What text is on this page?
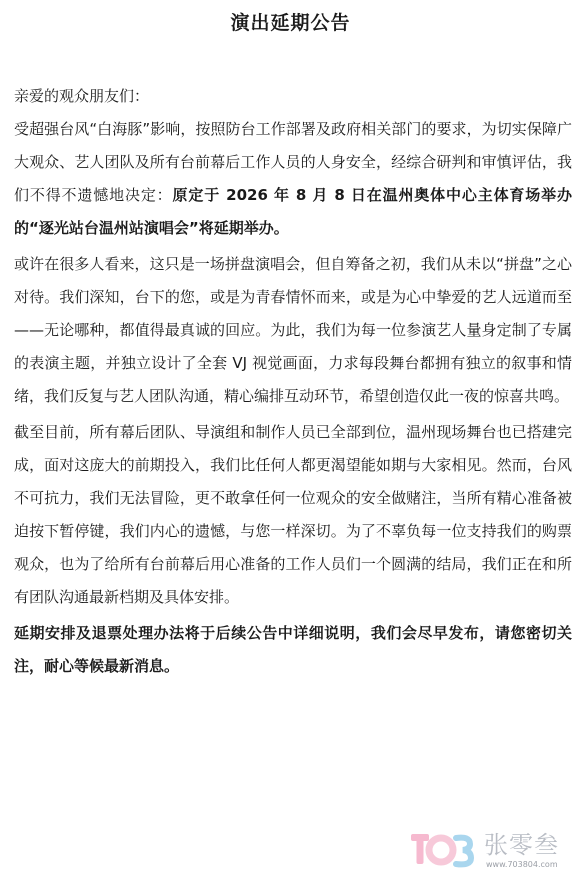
演出延期公告

亲爱的观众朋友们：

受超强台风“白海豚”影响，按照防台工作部署及政府相关部门的要求，为切实保障广大观众、艺人团队及所有台前幕后工作人员的人身安全，经综合研判和审慎评估，我们不得不遗憾地决定：原定于 2026 年 8 月 8 日在温州奥体中心主体育场举办的“逐光站台温州站演唱会”将延期举办。

或许在很多人看来，这只是一场拼盘演唱会，但自筹备之初，我们从未以“拼盘”之心对待。我们深知，台下的您，或是为青春情怀而来，或是为心中挚爱的艺人远道而至——无论哪种，都值得最真诚的回应。为此，我们为每一位参演艺人量身定制了专属的表演主题，并独立设计了全套 VJ 视觉画面，力求每段舞台都拥有独立的叙事和情绪，我们反复与艺人团队沟通，精心编排互动环节，希望创造仅此一夜的惊喜共鸣。

截至目前，所有幕后团队、导演组和制作人员已全部到位，温州现场舞台也已搭建完成，面对这庞大的前期投入，我们比任何人都更渴望能如期与大家相见。然而，台风不可抗力，我们无法冒险，更不敢拿任何一位观众的安全做赌注，当所有精心准备被迫按下暂停键，我们内心的遗憾，与您一样深切。为了不辜负每一位支持我们的购票观众，也为了给所有台前幕后用心准备的工作人员们一个圆满的结局，我们正在和所有团队沟通最新档期及具体安排。

延期安排及退票处理办法将于后续公告中详细说明，我们会尽早发布，请您密切关注，耐心等候最新消息。

张零叁
www.703804.com
